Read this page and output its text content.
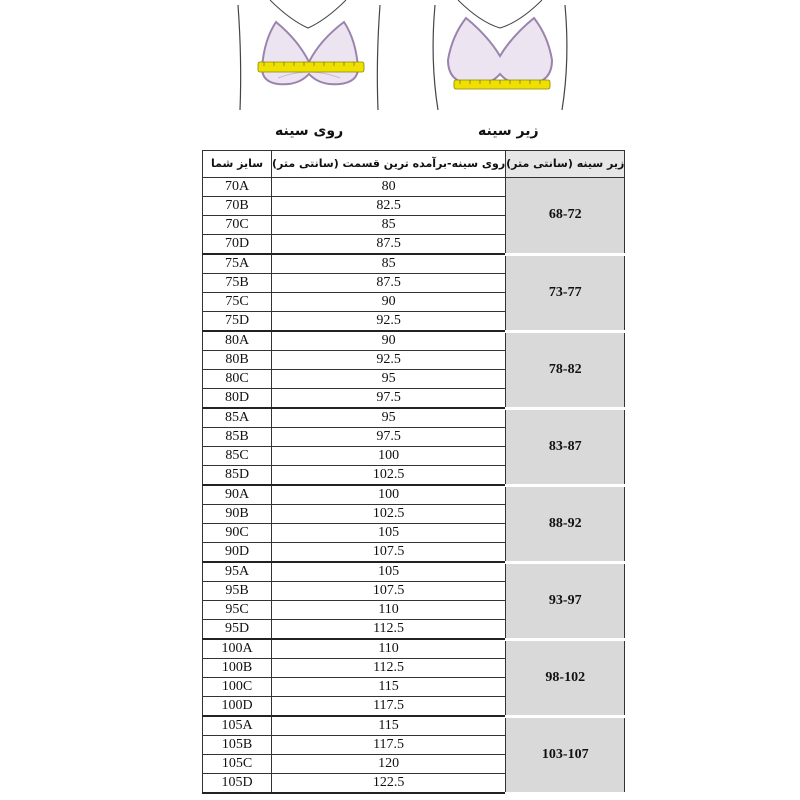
روی سینه	زیر سینه
سایز شما	روی سینه-برآمده ترین قسمت (سانتی متر)	زیر سینه (سانتی متر)
70A	80	68-72
70B	82.5	
70C	85	
70D	87.5	
75A	85	73-77
75B	87.5	
75C	90	
75D	92.5	
80A	90	78-82
80B	92.5	
80C	95	
80D	97.5	
85A	95	83-87
85B	97.5	
85C	100	
85D	102.5	
90A	100	88-92
90B	102.5	
90C	105	
90D	107.5	
95A	105	93-97
95B	107.5	
95C	110	
95D	112.5	
100A	110	98-102
100B	112.5	
100C	115	
100D	117.5	
105A	115	103-107
105B	117.5	
105C	120	
105D	122.5	
